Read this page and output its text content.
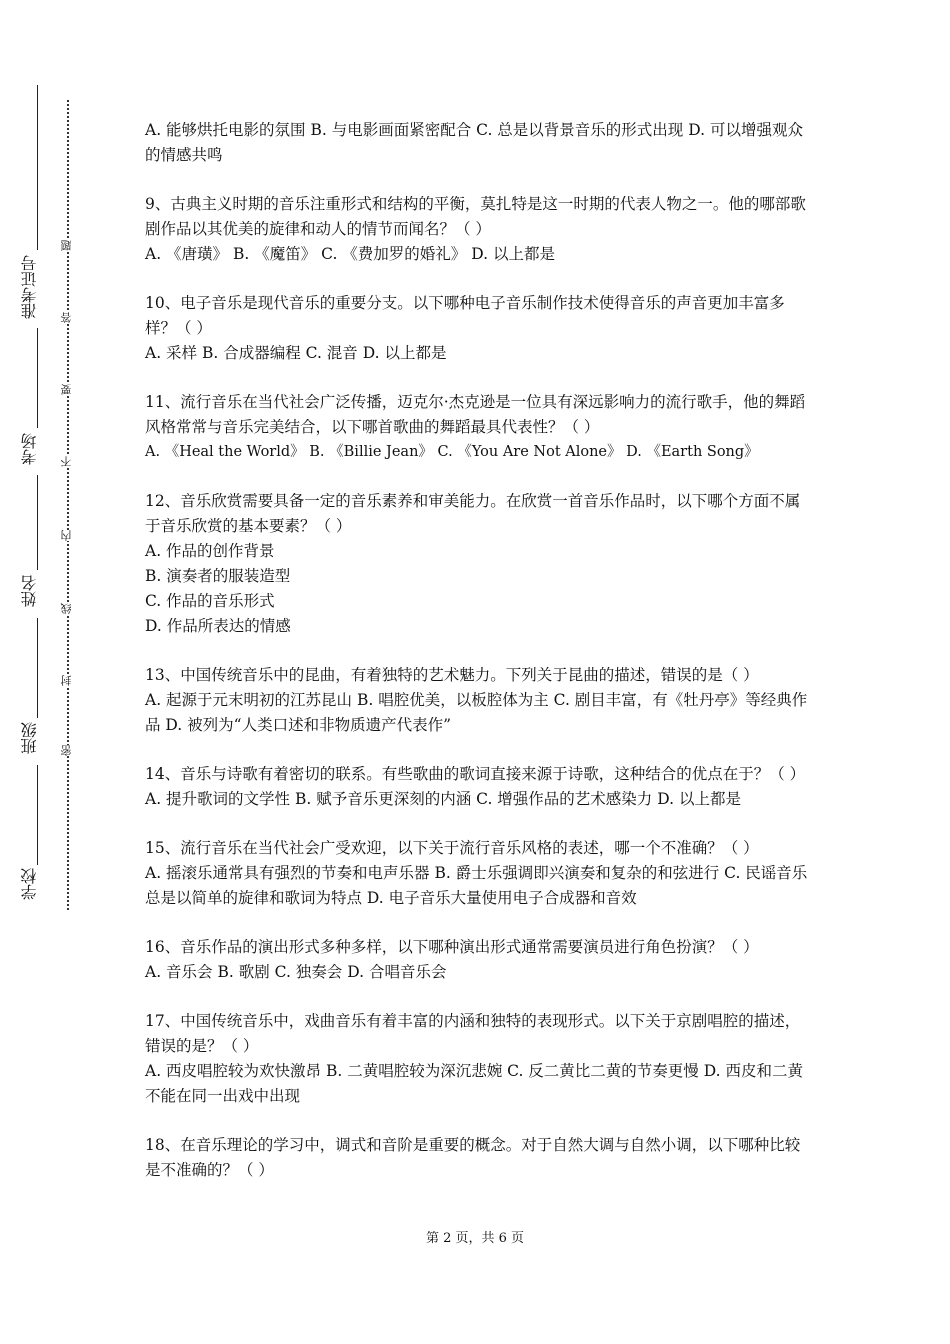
准考证号
考场
姓名
班级
学校
题
答
要
不
内
线
封
密

A. 能够烘托电影的氛围 B. 与电影画面紧密配合 C. 总是以背景音乐的形式出现 D. 可以增强观众的情感共鸣

9、古典主义时期的音乐注重形式和结构的平衡，莫扎特是这一时期的代表人物之一。他的哪部歌剧作品以其优美的旋律和动人的情节而闻名？（ ）

A. 《唐璜》 B. 《魔笛》 C. 《费加罗的婚礼》 D. 以上都是

10、电子音乐是现代音乐的重要分支。以下哪种电子音乐制作技术使得音乐的声音更加丰富多样？（ ）

A. 采样 B. 合成器编程 C. 混音 D. 以上都是

11、流行音乐在当代社会广泛传播，迈克尔·杰克逊是一位具有深远影响力的流行歌手，他的舞蹈风格常常与音乐完美结合，以下哪首歌曲的舞蹈最具代表性？（ ）

A. 《Heal the World》 B. 《Billie Jean》 C. 《You Are Not Alone》 D. 《Earth Song》

12、音乐欣赏需要具备一定的音乐素养和审美能力。在欣赏一首音乐作品时，以下哪个方面不属于音乐欣赏的基本要素？（ ）

A. 作品的创作背景

B. 演奏者的服装造型

C. 作品的音乐形式

D. 作品所表达的情感

13、中国传统音乐中的昆曲，有着独特的艺术魅力。下列关于昆曲的描述，错误的是（ ）

A. 起源于元末明初的江苏昆山 B. 唱腔优美，以板腔体为主 C. 剧目丰富，有《牡丹亭》等经典作品 D. 被列为“人类口述和非物质遗产代表作”

14、音乐与诗歌有着密切的联系。有些歌曲的歌词直接来源于诗歌，这种结合的优点在于？（ ）

A. 提升歌词的文学性 B. 赋予音乐更深刻的内涵 C. 增强作品的艺术感染力 D. 以上都是

15、流行音乐在当代社会广受欢迎，以下关于流行音乐风格的表述，哪一个不准确？（ ）

A. 摇滚乐通常具有强烈的节奏和电声乐器 B. 爵士乐强调即兴演奏和复杂的和弦进行 C. 民谣音乐总是以简单的旋律和歌词为特点 D. 电子音乐大量使用电子合成器和音效

16、音乐作品的演出形式多种多样，以下哪种演出形式通常需要演员进行角色扮演？（ ）

A. 音乐会 B. 歌剧 C. 独奏会 D. 合唱音乐会

17、中国传统音乐中，戏曲音乐有着丰富的内涵和独特的表现形式。以下关于京剧唱腔的描述，错误的是？（ ）

A. 西皮唱腔较为欢快激昂 B. 二黄唱腔较为深沉悲婉 C. 反二黄比二黄的节奏更慢 D. 西皮和二黄不能在同一出戏中出现

18、在音乐理论的学习中，调式和音阶是重要的概念。对于自然大调与自然小调，以下哪种比较是不准确的？（ ）

第 2 页，共 6 页
